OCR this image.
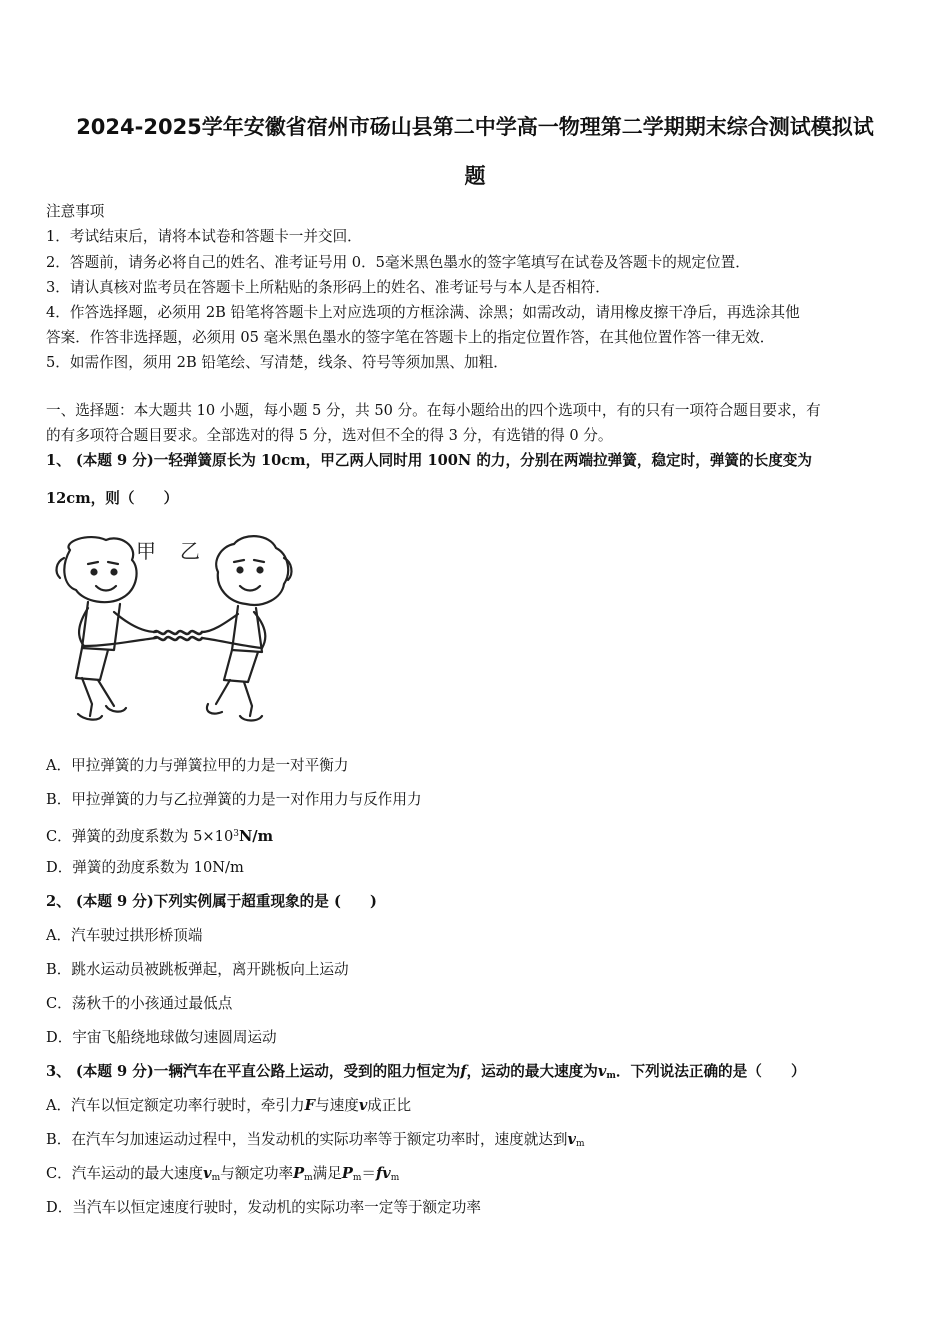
2024-2025学年安徽省宿州市砀山县第二中学高一物理第二学期期末综合测试模拟试
题
注意事项
1．考试结束后，请将本试卷和答题卡一并交回．
2．答题前，请务必将自己的姓名、准考证号用 0．5毫米黑色墨水的签字笔填写在试卷及答题卡的规定位置．
3．请认真核对监考员在答题卡上所粘贴的条形码上的姓名、准考证号与本人是否相符．
4．作答选择题，必须用 2B 铅笔将答题卡上对应选项的方框涂满、涂黑；如需改动，请用橡皮擦干净后，再选涂其他
答案．作答非选择题，必须用 05 毫米黑色墨水的签字笔在答题卡上的指定位置作答，在其他位置作答一律无效．
5．如需作图，须用 2B 铅笔绘、写清楚，线条、符号等须加黑、加粗．
一、选择题：本大题共 10 小题，每小题 5 分，共 50 分。在每小题给出的四个选项中，有的只有一项符合题目要求，有
的有多项符合题目要求。全部选对的得 5 分，选对但不全的得 3 分，有选错的得 0 分。
1、 (本题 9 分)一轻弹簧原长为 10cm，甲乙两人同时用 100N 的力，分别在两端拉弹簧，稳定时，弹簧的长度变为
12cm，则（　　）
甲 乙
A．甲拉弹簧的力与弹簧拉甲的力是一对平衡力
B．甲拉弹簧的力与乙拉弹簧的力是一对作用力与反作用力
C．弹簧的劲度系数为 $5\times 10^3N/m$
D．弹簧的劲度系数为 10N/m
2、 (本题 9 分)下列实例属于超重现象的是 (　　)
A．汽车驶过拱形桥顶端
B．跳水运动员被跳板弹起，离开跳板向上运动
C．荡秋千的小孩通过最低点
D．宇宙飞船绕地球做匀速圆周运动
3、 (本题 9 分)一辆汽车在平直公路上运动，受到的阻力恒定为f，运动的最大速度为$v_m$．下列说法正确的是（　　）
A．汽车以恒定额定功率行驶时，牵引力F与速度v成正比
B．在汽车匀加速运动过程中，当发动机的实际功率等于额定功率时，速度就达到$v_m$
C．汽车运动的最大速度$v_m$与额定功率$P_m$满足$P_m=fv_m$
D．当汽车以恒定速度行驶时，发动机的实际功率一定等于额定功率
